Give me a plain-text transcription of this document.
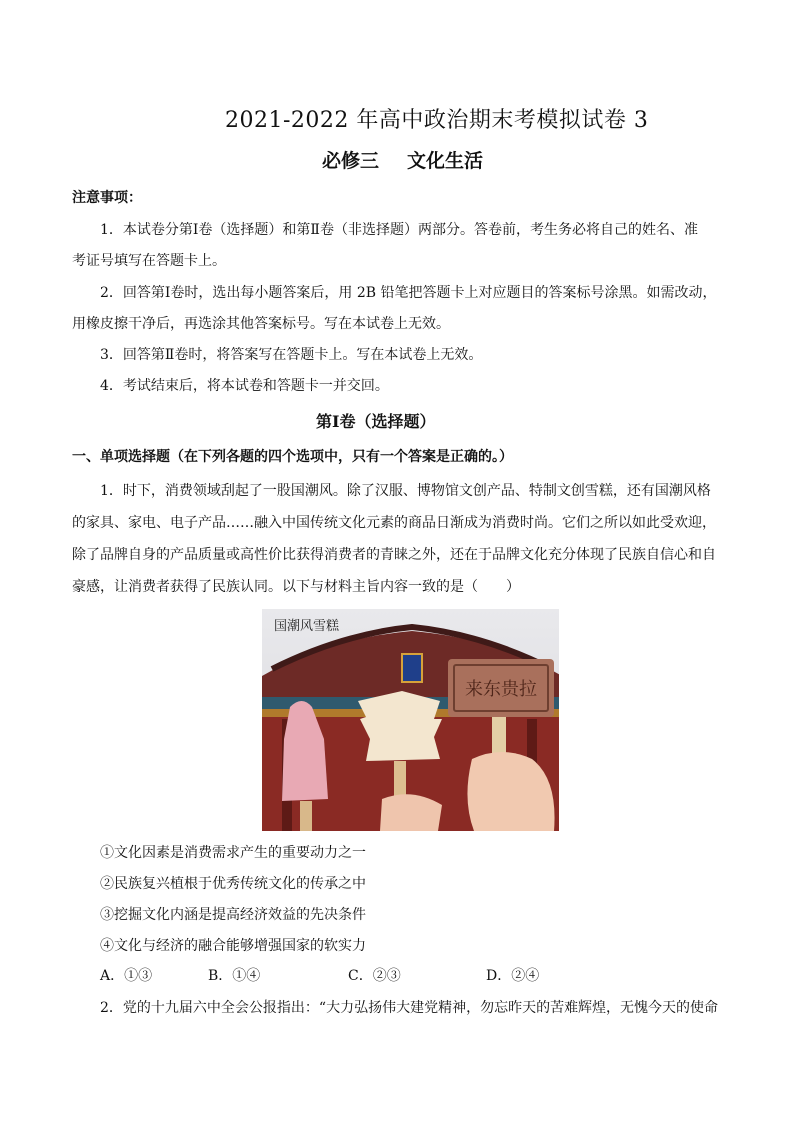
2021-2022 年高中政治期末考模拟试卷 3
必修三 文化生活
注意事项：
1．本试卷分第Ⅰ卷（选择题）和第Ⅱ卷（非选择题）两部分。答卷前，考生务必将自己的姓名、准
考证号填写在答题卡上。
2．回答第Ⅰ卷时，选出每小题答案后，用 2B 铅笔把答题卡上对应题目的答案标号涂黑。如需改动，
用橡皮擦干净后，再选涂其他答案标号。写在本试卷上无效。
3．回答第Ⅱ卷时，将答案写在答题卡上。写在本试卷上无效。
4．考试结束后，将本试卷和答题卡一并交回。
第Ⅰ卷（选择题）
一、单项选择题（在下列各题的四个选项中，只有一个答案是正确的。）
1．时下，消费领域刮起了一股国潮风。除了汉服、博物馆文创产品、特制文创雪糕，还有国潮风格
的家具、家电、电子产品……融入中国传统文化元素的商品日渐成为消费时尚。它们之所以如此受欢迎，
除了品牌自身的产品质量或高性价比获得消费者的青睐之外，还在于品牌文化充分体现了民族自信心和自
豪感，让消费者获得了民族认同。以下与材料主旨内容一致的是（　　）
来东贵拉
国潮风雪糕
①文化因素是消费需求产生的重要动力之一
②民族复兴植根于优秀传统文化的传承之中
③挖掘文化内涵是提高经济效益的先决条件
④文化与经济的融合能够增强国家的软实力
A．①③	B．①④	C．②③	D．②④
2．党的十九届六中全会公报指出：“大力弘扬伟大建党精神，勿忘昨天的苦难辉煌，无愧今天的使命
